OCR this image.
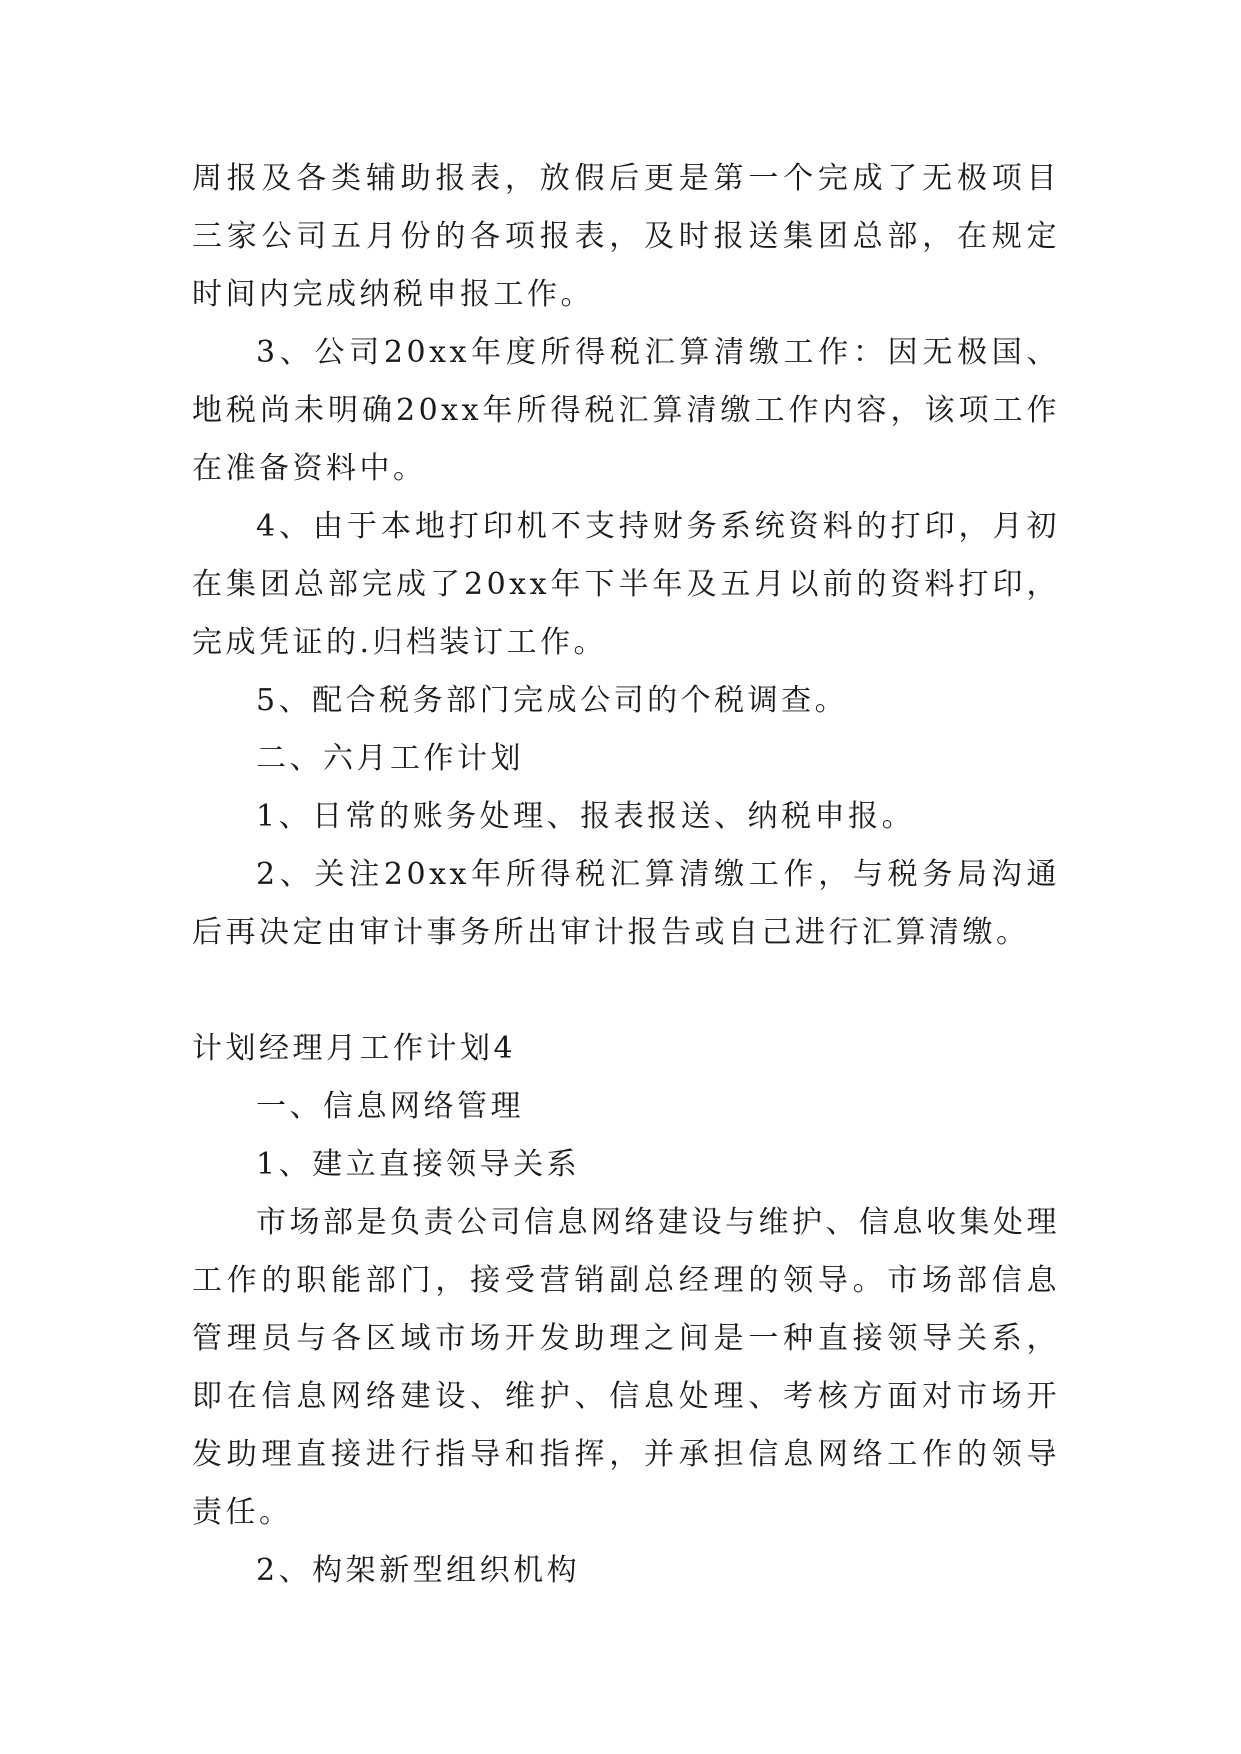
周报及各类辅助报表，放假后更是第一个完成了无极项目三家公司五月份的各项报表，及时报送集团总部，在规定时间内完成纳税申报工作。

3、公司20xx年度所得税汇算清缴工作：因无极国、地税尚未明确20xx年所得税汇算清缴工作内容，该项工作在准备资料中。

4、由于本地打印机不支持财务系统资料的打印，月初在集团总部完成了20xx年下半年及五月以前的资料打印，完成凭证的.归档装订工作。

5、配合税务部门完成公司的个税调查。

二、六月工作计划

1、日常的账务处理、报表报送、纳税申报。

2、关注20xx年所得税汇算清缴工作，与税务局沟通后再决定由审计事务所出审计报告或自己进行汇算清缴。

计划经理月工作计划4

一、信息网络管理

1、建立直接领导关系

市场部是负责公司信息网络建设与维护、信息收集处理工作的职能部门，接受营销副总经理的领导。市场部信息管理员与各区域市场开发助理之间是一种直接领导关系，即在信息网络建设、维护、信息处理、考核方面对市场开发助理直接进行指导和指挥，并承担信息网络工作的领导责任。

2、构架新型组织机构
